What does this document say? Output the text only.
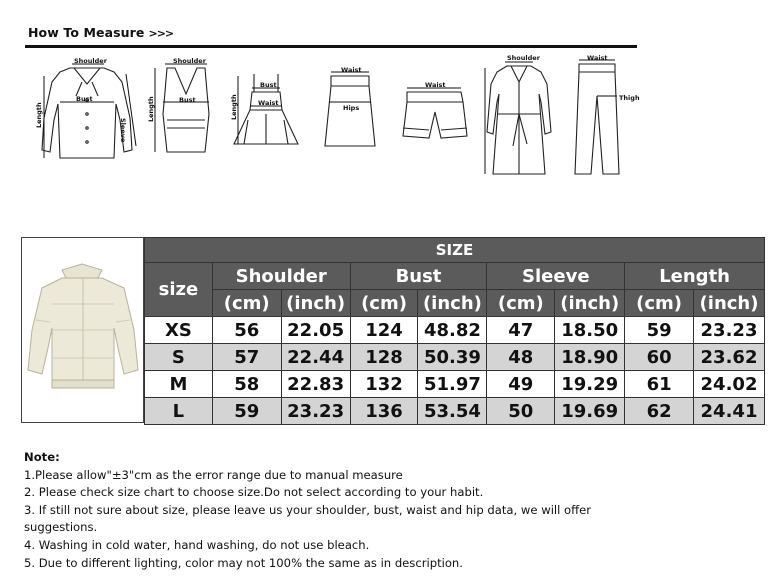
How To Measure >>>
Shoulder
Bust
Length
Sleeve
Shoulder
Bust
Length
Bust
Waist
Length
Waist
Hips
Waist
Shoulder	Waist
Thigh
SIZE								
size	Shoulder		Bust		Sleeve		Length	
	(cm)	(inch)	(cm)	(inch)	(cm)	(inch)	(cm)	(inch)
XS	56	22.05	124	48.82	47	18.50	59	23.23
S	57	22.44	128	50.39	48	18.90	60	23.62
M	58	22.83	132	51.97	49	19.29	61	24.02
L	59	23.23	136	53.54	50	19.69	62	24.41

Note:

1.Please allow"±3"cm as the error range due to manual measure

2. Please check size chart to choose size.Do not select according to your habit.

3. If still not sure about size, please leave us your shoulder, bust, waist and hip data, we will offer suggestions.

4. Washing in cold water, hand washing, do not use bleach.

5. Due to different lighting, color may not 100% the same as in description.
